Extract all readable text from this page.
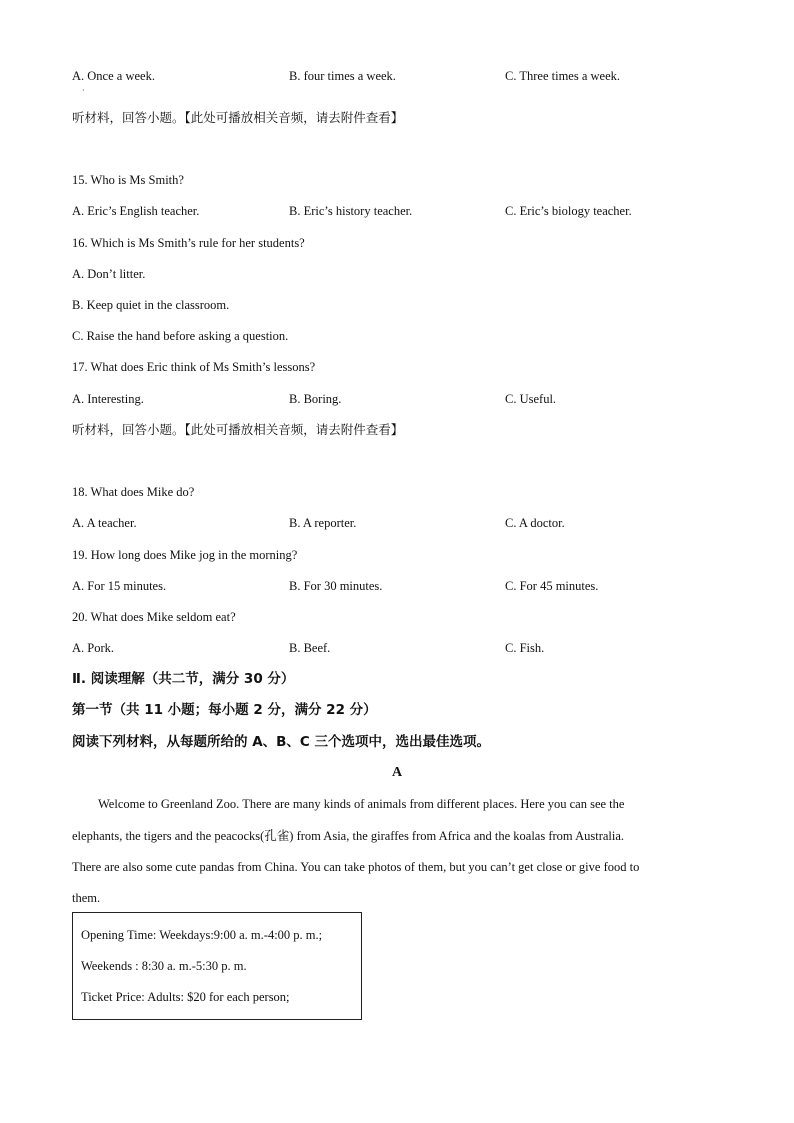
A. Once a week.	B. four times a week.	C. Three times a week.
·
听材料，回答小题。【此处可播放相关音频，请去附件查看】
15. Who is Ms Smith?
A. Eric’s English teacher.	B. Eric’s history teacher.	C. Eric’s biology teacher.
16. Which is Ms Smith’s rule for her students?
A. Don’t litter.
B. Keep quiet in the classroom.
C. Raise the hand before asking a question.
17. What does Eric think of Ms Smith’s lessons?
A. Interesting.	B. Boring.	C. Useful.
听材料，回答小题。【此处可播放相关音频，请去附件查看】
18. What does Mike do?
A. A teacher.	B. A reporter.	C. A doctor.
19. How long does Mike jog in the morning?
A. For 15 minutes.	B. For 30 minutes.	C. For 45 minutes.
20. What does Mike seldom eat?
A. Pork.	B. Beef.	C. Fish.
Ⅱ. 阅读理解（共二节，满分 30 分）
第一节（共 11 小题；每小题 2 分，满分 22 分）
阅读下列材料，从每题所给的 A、B、C 三个选项中，选出最佳选项。
A
Welcome to Greenland Zoo. There are many kinds of animals from different places. Here you can see the
elephants, the tigers and the peacocks(孔雀) from Asia, the giraffes from Africa and the koalas from Australia.
There are also some cute pandas from China. You can take photos of them, but you can’t get close or give food to
them.
Opening Time: Weekdays:9:00 a. m.-4:00 p. m.;
Weekends : 8:30 a. m.-5:30 p. m.
Ticket Price: Adults: $20 for each person;
